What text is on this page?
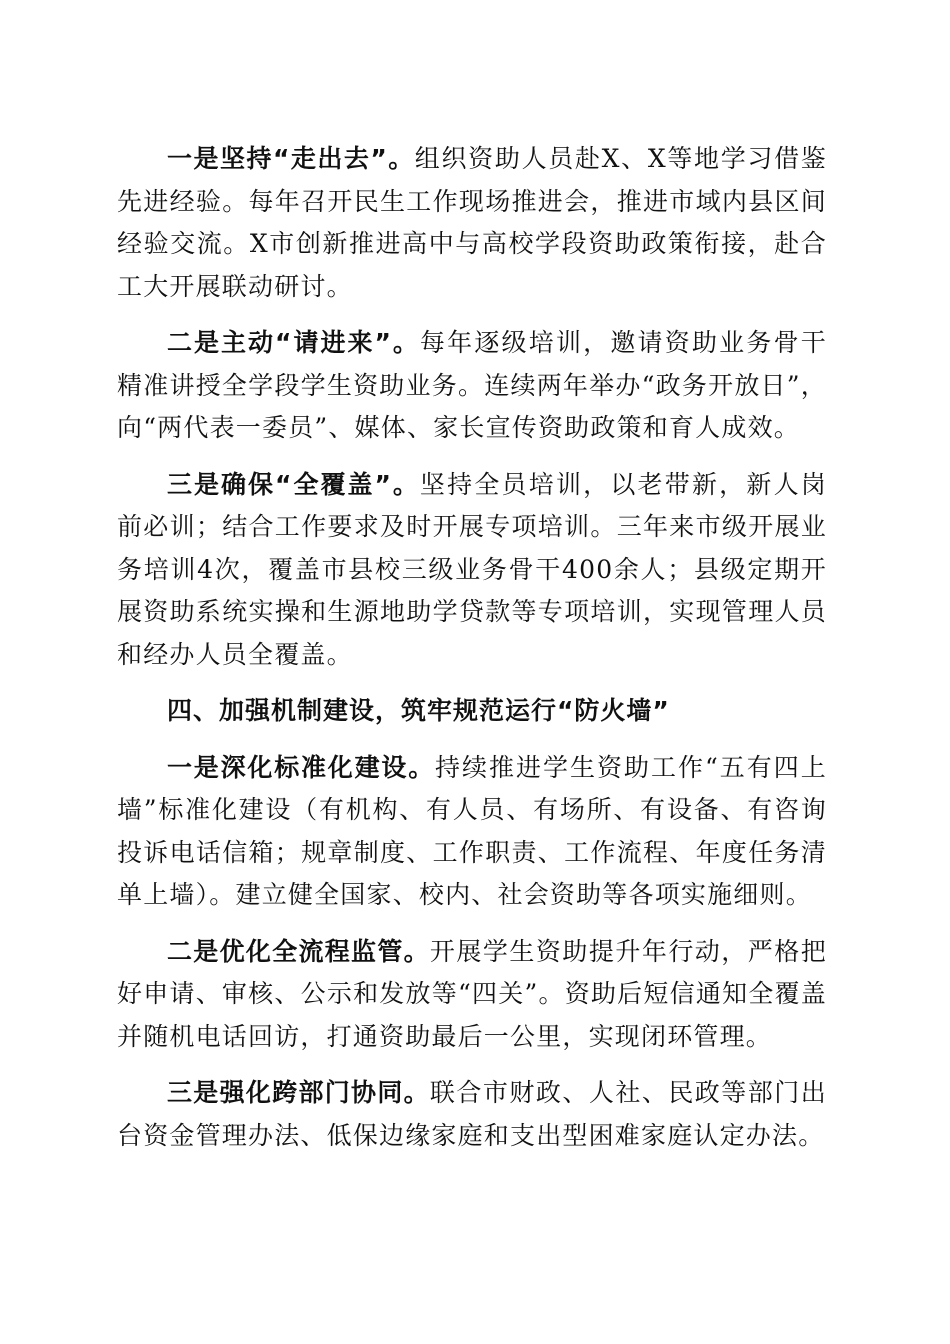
一是坚持“走出去”。组织资助人员赴X、X等地学习借鉴先进经验。每年召开民生工作现场推进会，推进市域内县区间经验交流。X市创新推进高中与高校学段资助政策衔接，赴合工大开展联动研讨。

二是主动“请进来”。每年逐级培训，邀请资助业务骨干精准讲授全学段学生资助业务。连续两年举办“政务开放日”，向“两代表一委员”、媒体、家长宣传资助政策和育人成效。

三是确保“全覆盖”。坚持全员培训，以老带新，新人岗前必训；结合工作要求及时开展专项培训。三年来市级开展业务培训4次，覆盖市县校三级业务骨干400余人；县级定期开展资助系统实操和生源地助学贷款等专项培训，实现管理人员和经办人员全覆盖。

四、加强机制建设，筑牢规范运行“防火墙”

一是深化标准化建设。持续推进学生资助工作“五有四上墙”标准化建设（有机构、有人员、有场所、有设备、有咨询投诉电话信箱；规章制度、工作职责、工作流程、年度任务清单上墙）。建立健全国家、校内、社会资助等各项实施细则。

二是优化全流程监管。开展学生资助提升年行动，严格把好申请、审核、公示和发放等“四关”。资助后短信通知全覆盖并随机电话回访，打通资助最后一公里，实现闭环管理。

三是强化跨部门协同。联合市财政、人社、民政等部门出台资金管理办法、低保边缘家庭和支出型困难家庭认定办法。
